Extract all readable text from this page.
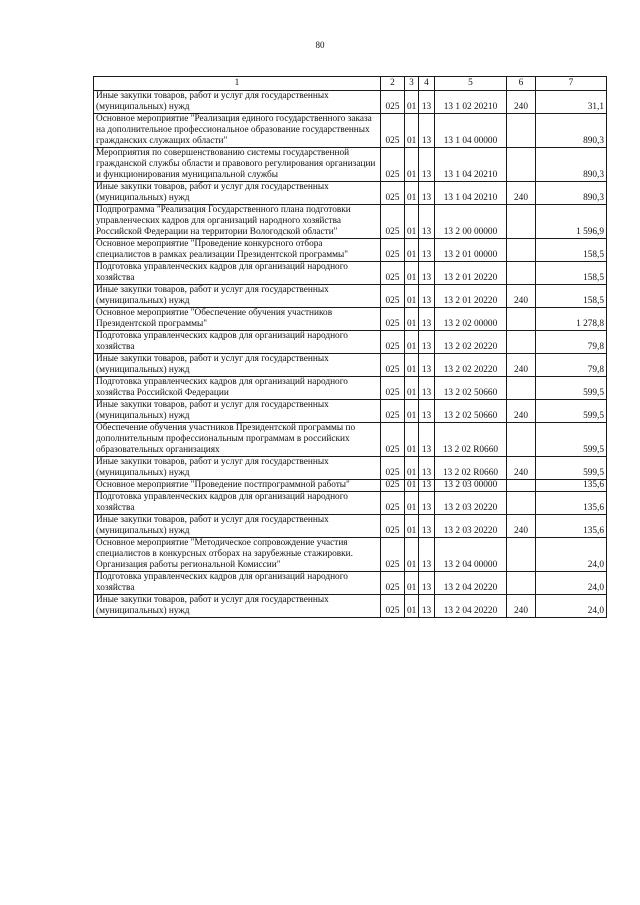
80
1	2	3	4	5	6	7
Иные закупки товаров, работ и услуг для государственных (муниципальных) нужд	025	01	13	13 1 02 20210	240	31,1
Основное мероприятие "Реализация единого государственного заказа на дополнительное профессиональное образование государственных гражданских служащих области"	025	01	13	13 1 04 00000		890,3
Мероприятия по совершенствованию системы государственной гражданской службы области и правового регулирования организации и функционирования муниципальной службы	025	01	13	13 1 04 20210		890,3
Иные закупки товаров, работ и услуг для государственных (муниципальных) нужд	025	01	13	13 1 04 20210	240	890,3
Подпрограмма "Реализация Государственного плана подготовки управленческих кадров для организаций народного хозяйства Российской Федерации на территории Вологодской области"	025	01	13	13 2 00 00000		1 596,9
Основное мероприятие "Проведение конкурсного отбора специалистов в рамках реализации Президентской программы"	025	01	13	13 2 01 00000		158,5
Подготовка управленческих кадров для организаций народного хозяйства	025	01	13	13 2 01 20220		158,5
Иные закупки товаров, работ и услуг для государственных (муниципальных) нужд	025	01	13	13 2 01 20220	240	158,5
Основное мероприятие "Обеспечение обучения участников Президентской программы"	025	01	13	13 2 02 00000		1 278,8
Подготовка управленческих кадров для организаций народного хозяйства	025	01	13	13 2 02 20220		79,8
Иные закупки товаров, работ и услуг для государственных (муниципальных) нужд	025	01	13	13 2 02 20220	240	79,8
Подготовка управленческих кадров для организаций народного хозяйства Российской Федерации	025	01	13	13 2 02 50660		599,5
Иные закупки товаров, работ и услуг для государственных (муниципальных) нужд	025	01	13	13 2 02 50660	240	599,5
Обеспечение обучения участников Президентской программы по дополнительным профессиональным программам в российских образовательных организациях	025	01	13	13 2 02 R0660		599,5
Иные закупки товаров, работ и услуг для государственных (муниципальных) нужд	025	01	13	13 2 02 R0660	240	599,5
Основное мероприятие "Проведение постпрограммной работы"	025	01	13	13 2 03 00000		135,6
Подготовка управленческих кадров для организаций народного хозяйства	025	01	13	13 2 03 20220		135,6
Иные закупки товаров, работ и услуг для государственных (муниципальных) нужд	025	01	13	13 2 03 20220	240	135,6
Основное мероприятие "Методическое сопровождение участия специалистов в конкурсных отборах на зарубежные стажировки. Организация работы региональной Комиссии"	025	01	13	13 2 04 00000		24,0
Подготовка управленческих кадров для организаций народного хозяйства	025	01	13	13 2 04 20220		24,0
Иные закупки товаров, работ и услуг для государственных (муниципальных) нужд	025	01	13	13 2 04 20220	240	24,0
